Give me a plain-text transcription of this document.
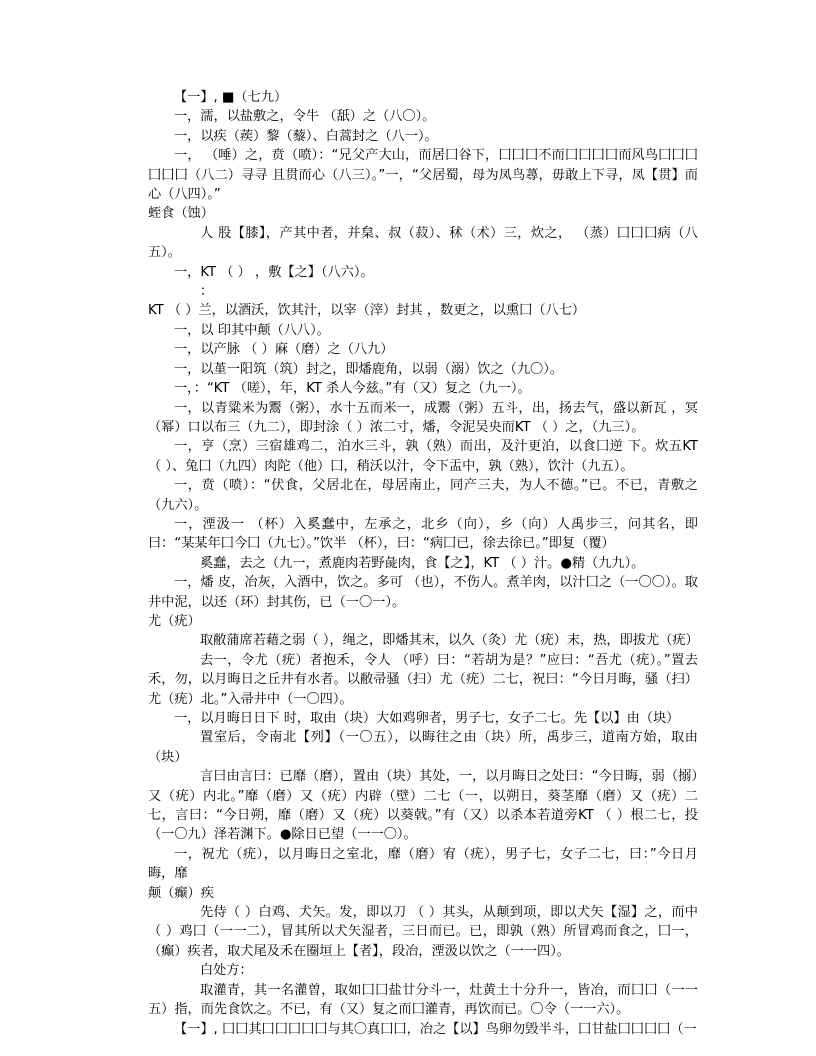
【一】, ■（七九）

一，濡，以盐敷之，令牛 （舐）之（八〇）。

一，以疾（蒺）黎（藜）、白蒿封之（八一）。

一， （唾）之，贲（喷）：“兄父产大山，而居囗谷下，囗囗囗不而囗囗囗囗而风鸟囗囗囗囗囗囗（八二）寻寻 且贯而心（八三）。”一，“父居蜀，母为凤鸟蕁，毋敢上下寻，凤【贯】而心（八四）。”

蛭食（蚀）

人 股【膝】，产其中者，并枲、叔（菽）、秫（术）三，炊之， （蒸）囗囗囗病（八五）。

一，KT （ ） ，敷【之】（八六）。

：

KT （ ）兰，以酒沃，饮其汁，以宰（滓）封其 ，数更之，以熏囗（八七）

一，以 印其中颠（八八）。

一，以产脉 （ ）麻（磨）之（八九）

一，以堇一阳筑（筑）封之，即燔鹿角，以弱（溺）饮之（九〇）。

一，：“KT （嗟），年，KT 杀人今兹。”有（又）复之（九一）。

一，以青粱米为鬻（粥），水十五而米一，成鬻（粥）五斗，出，扬去气，盛以新瓦 ，冥（幂）口以布三（九二），即封涂（ ）浓二寸，燔，令泥吴央而KT （ ）之，（九三）。

一，亨（烹）三宿雄鸡二，泊水三斗，孰（熟）而出，及汁更泊，以食囗逆 下。炊五KT （ ）、兔囗（九四）肉陀（他）囗，稍沃以汁，令下盂中，孰（熟），饮汁（九五）。

一，贲（喷）：“伏食，父居北在，母居南止，同产三夫，为人不德。”已。不已，青敷之（九六）。

一，湮汲一 （杯）入奚蠢中，左承之，北乡（向），乡（向）人禹步三，问其名，即曰：“某某年囗今囗（九七）。”饮半 （杯），曰：“病囗已，徐去徐已。”即复（覆）

奚蠢，去之（九一，煮鹿肉若野彘肉，食【之】，KT （ ）汁。●精（九九）。

一，燔 皮，冶灰，入酒中，饮之。多可 （也），不伤人。煮羊肉，以汁囗之（一〇〇）。取井中泥，以还（环）封其伤，已（一〇一）。

尤（疣）

取敝蒲席若藉之弱（ ），绳之，即燔其末，以久（灸）尤（疣）末，热，即拔尤（疣）

去一，令尤（疣）者抱禾，令人 （呼）曰：“若胡为是？”应曰：“吾尤（疣）。”置去禾，勿，以月晦日之丘井有水者。以敝帚骚（扫）尤（疣）二七，祝曰：“今日月晦，骚（扫）尤（疣）北。”入帚井中（一〇四）。

一，以月晦日日下 时，取由（块）大如鸡卵者，男子七，女子二七。先【以】由（块）

置室后，令南北【列】（一〇五），以晦往之由（块）所，禹步三，道南方始，取由（块）

言曰由言曰：已靡（磨），置由（块）其处，一，以月晦日之处曰：“今日晦，弱（搦）又（疣）内北。”靡（磨）又（疣）内辟（壁）二七（一，以朔日，葵茎靡（磨）又（疣）二七，言曰：“今日朔，靡（磨）又（疣）以葵戟。”有（又）以杀本若道旁KT （ ）根二七，投（一〇九）泽若渊下。●除日已望（一一〇）。

一，祝尤（疣），以月晦日之室北，靡（磨）宥（疣），男子七，女子二七，曰：”今日月晦，靡

颠（癫）疾

先侍（ ）白鸡、犬矢。发，即以刀 （ ）其头，从颠到项，即以犬矢【湿】之，而中（ ）鸡囗（一一二），冒其所以犬矢湿者，三日而已。已，即孰（熟）所冒鸡而食之，囗一， （癫）疾者，取犬尾及禾在圈垣上【者】，段冶，湮汲以饮之（一一四）。

白处方：

取灌青，其一名灌曽，取如囗囗盐廿分斗一，灶黄土十分升一，皆冶，而囗囗（一一五）指，而先食饮之。不已，有（又）复之而囗灌青，再饮而已。〇令（一一六）。

【一】, 囗囗其囗囗囗囗囗与其〇真囗囗，冶之【以】鸟卵勿毁半斗，囗甘盐囗囗囗囗（一
